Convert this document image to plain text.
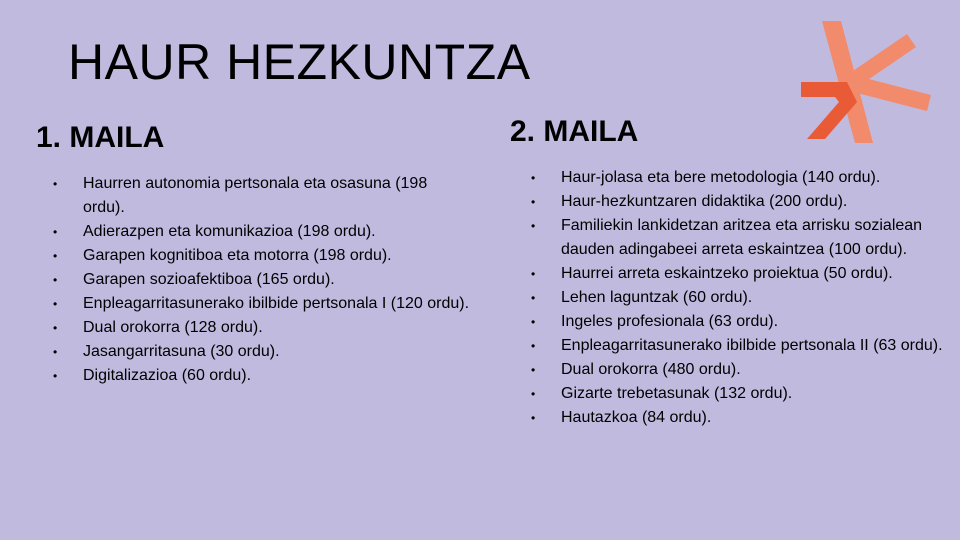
HAUR HEZKUNTZA
1. MAILA
• Haurren autonomia pertsonala eta osasuna (198 ordu).
• Adierazpen eta komunikazioa (198 ordu).
• Garapen kognitiboa eta motorra (198 ordu).
• Garapen sozioafektiboa (165 ordu).
• Enpleagarritasunerako ibilbide pertsonala I (120 ordu).
• Dual orokorra (128 ordu).
• Jasangarritasuna (30 ordu).
• Digitalizazioa (60 ordu).
2. MAILA
• Haur-jolasa eta bere metodologia (140 ordu).
• Haur-hezkuntzaren didaktika (200 ordu).
• Familiekin lankidetzan aritzea eta arrisku sozialean dauden adingabeei arreta eskaintzea (100 ordu).
• Haurrei arreta eskaintzeko proiektua (50 ordu).
• Lehen laguntzak (60 ordu).
• Ingeles profesionala (63 ordu).
• Enpleagarritasunerako ibilbide pertsonala II (63 ordu).
• Dual orokorra (480 ordu).
• Gizarte trebetasunak (132 ordu).
• Hautazkoa (84 ordu).
